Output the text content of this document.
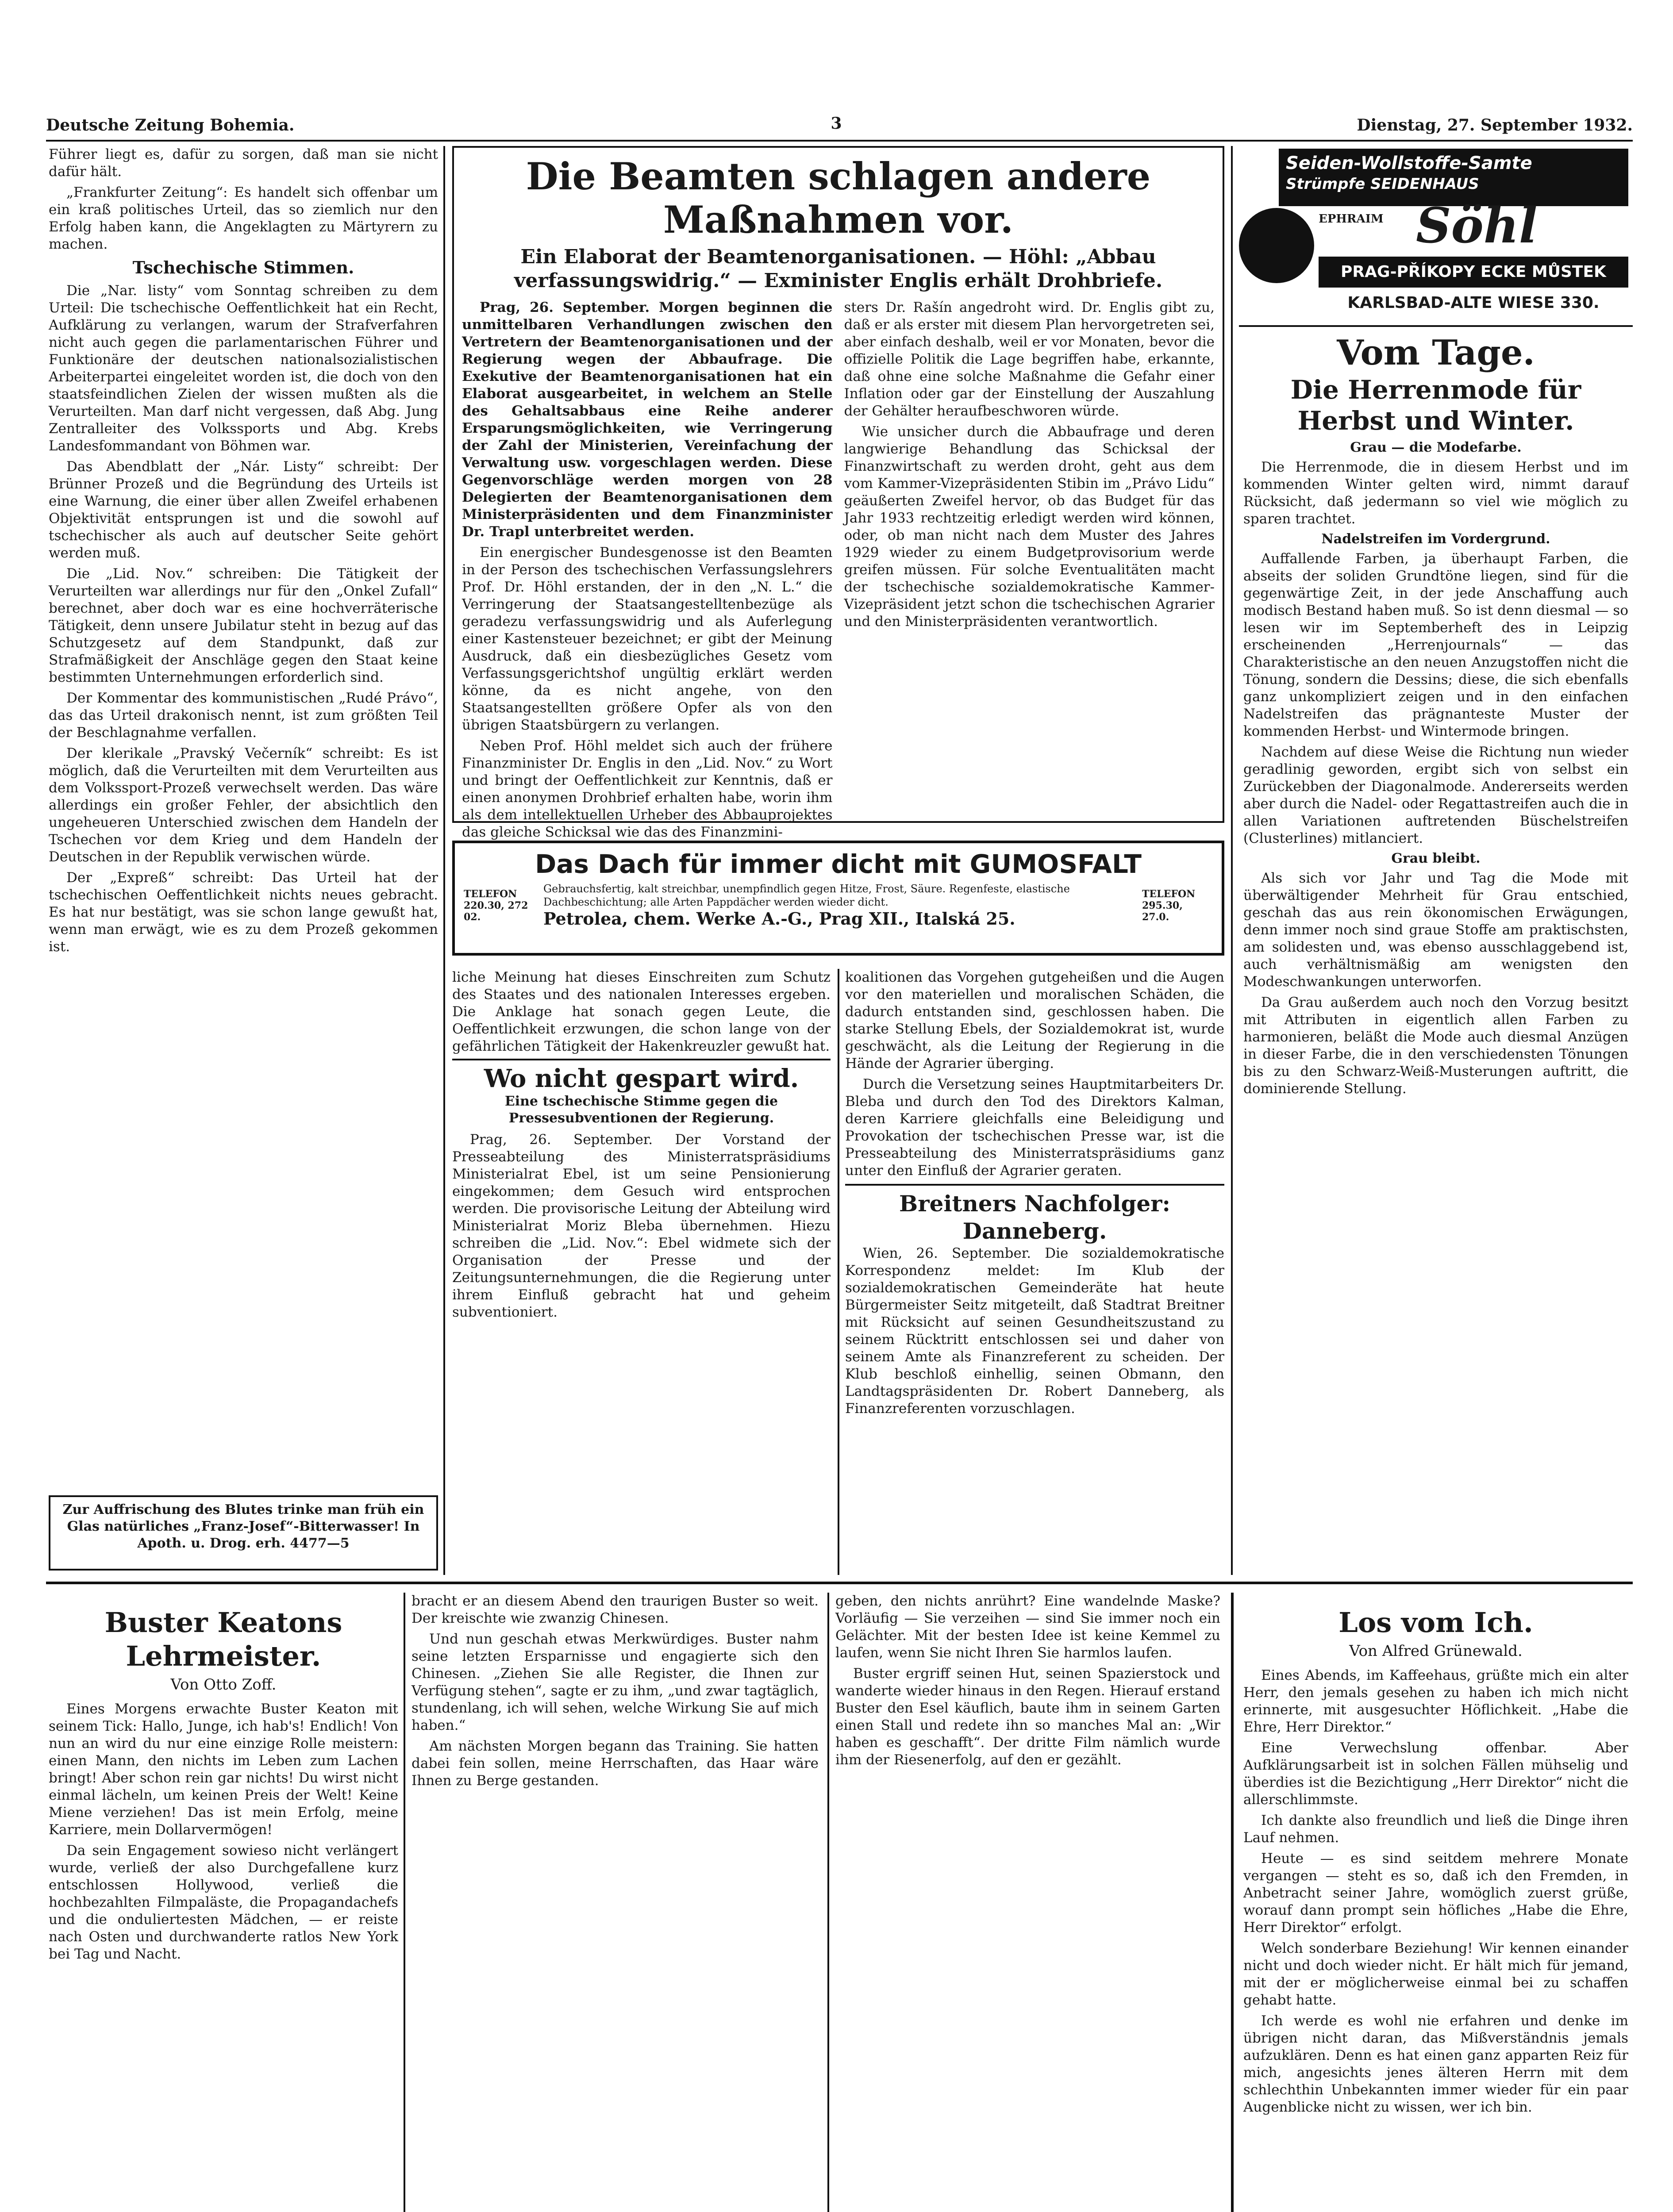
Deutsche Zeitung Bohemia.	3	Dienstag, 27. September 1932.

Führer liegt es, dafür zu sorgen, daß man sie nicht dafür hält.

„Frankfurter Zeitung“: Es handelt sich offenbar um ein kraß politisches Urteil, das so ziemlich nur den Erfolg haben kann, die Angeklagten zu Märtyrern zu machen.

Tschechische Stimmen.

Die „Nar. listy“ vom Sonntag schreiben zu dem Urteil: Die tschechische Oeffentlichkeit hat ein Recht, Aufklärung zu verlangen, warum der Strafverfahren nicht auch gegen die parlamentarischen Führer und Funktionäre der deutschen nationalsozialistischen Arbeiterpartei eingeleitet worden ist, die doch von den staatsfeindlichen Zielen der wissen mußten als die Verurteilten. Man darf nicht vergessen, daß Abg. Jung Zentralleiter des Volkssports und Abg. Krebs Landesfommandant von Böhmen war.

Das Abendblatt der „Nár. Listy“ schreibt: Der Brünner Prozeß und die Begründung des Urteils ist eine Warnung, die einer über allen Zweifel erhabenen Objektivität entsprungen ist und die sowohl auf tschechischer als auch auf deutscher Seite gehört werden muß.

Die „Lid. Nov.“ schreiben: Die Tätigkeit der Verurteilten war allerdings nur für den „Onkel Zufall“ berechnet, aber doch war es eine hochverräterische Tätigkeit, denn unsere Jubilatur steht in bezug auf das Schutzgesetz auf dem Standpunkt, daß zur Strafmäßigkeit der Anschläge gegen den Staat keine bestimmten Unternehmungen erforderlich sind.

Der Kommentar des kommunistischen „Rudé Právo“, das das Urteil drakonisch nennt, ist zum größten Teil der Beschlagnahme verfallen.

Der klerikale „Pravský Večerník“ schreibt: Es ist möglich, daß die Verurteilten mit dem Verurteilten aus dem Volkssport-Prozeß verwechselt werden. Das wäre allerdings ein großer Fehler, der absichtlich den ungeheueren Unterschied zwischen dem Handeln der Tschechen vor dem Krieg und dem Handeln der Deutschen in der Republik verwischen würde.

Der „Expreß“ schreibt: Das Urteil hat der tschechischen Oeffentlichkeit nichts neues gebracht. Es hat nur bestätigt, was sie schon lange gewußt hat, wenn man erwägt, wie es zu dem Prozeß gekommen ist.

Zur Auffrischung des Blutes trinke man früh ein Glas natürliches „Franz-Josef“-Bitterwasser! In Apoth. u. Drog. erh. 4477—5
Die Beamten schlagen andere Maßnahmen vor.
Ein Elaborat der Beamtenorganisationen. — Höhl: „Abbau verfassungswidrig.“ — Exminister Englis erhält Drohbriefe.

Prag, 26. September. Morgen beginnen die unmittelbaren Verhandlungen zwischen den Vertretern der Beamtenorganisationen und der Regierung wegen der Abbaufrage. Die Exekutive der Beamtenorganisationen hat ein Elaborat ausgearbeitet, in welchem an Stelle des Gehaltsabbaus eine Reihe anderer Ersparungsmöglichkeiten, wie Verringerung der Zahl der Ministerien, Vereinfachung der Verwaltung usw. vorgeschlagen werden. Diese Gegenvorschläge werden morgen von 28 Delegierten der Beamtenorganisationen dem Ministerpräsidenten und dem Finanzminister Dr. Trapl unterbreitet werden.

Ein energischer Bundesgenosse ist den Beamten in der Person des tschechischen Verfassungslehrers Prof. Dr. Höhl erstanden, der in den „N. L.“ die Verringerung der Staatsangestelltenbezüge als geradezu verfassungswidrig und als Auferlegung einer Kastensteuer bezeichnet; er gibt der Meinung Ausdruck, daß ein diesbezügliches Gesetz vom Verfassungsgerichtshof ungültig erklärt werden könne, da es nicht angehe, von den Staatsangestellten größere Opfer als von den übrigen Staatsbürgern zu verlangen.

Neben Prof. Höhl meldet sich auch der frühere Finanzminister Dr. Englis in den „Lid. Nov.“ zu Wort und bringt der Oeffentlichkeit zur Kenntnis, daß er einen anonymen Drohbrief erhalten habe, worin ihm als dem intellektuellen Urheber des Abbauprojektes das gleiche Schicksal wie das des Finanzmini-

sters Dr. Rašín angedroht wird. Dr. Englis gibt zu, daß er als erster mit diesem Plan hervorgetreten sei, aber einfach deshalb, weil er vor Monaten, bevor die offizielle Politik die Lage begriffen habe, erkannte, daß ohne eine solche Maßnahme die Gefahr einer Inflation oder gar der Einstellung der Auszahlung der Gehälter heraufbeschworen würde.

Wie unsicher durch die Abbaufrage und deren langwierige Behandlung das Schicksal der Finanzwirtschaft zu werden droht, geht aus dem vom Kammer-Vizepräsidenten Stibin im „Právo Lidu“ geäußerten Zweifel hervor, ob das Budget für das Jahr 1933 rechtzeitig erledigt werden wird können, oder, ob man nicht nach dem Muster des Jahres 1929 wieder zu einem Budgetprovisorium werde greifen müssen. Für solche Eventualitäten macht der tschechische sozialdemokratische Kammer-Vizepräsident jetzt schon die tschechischen Agrarier und den Ministerpräsidenten verantwortlich.

Das Dach für immer dicht mit GUMOSFALT
TELEFON 220.30, 272 02.
Gebrauchsfertig, kalt streichbar, unempfindlich gegen Hitze, Frost, Säure. Regenfeste, elastische Dachbeschichtung; alle Arten Pappdächer werden wieder dicht.
Petrolea, chem. Werke A.-G., Prag XII., Italská 25.
TELEFON 295.30, 27.0.

liche Meinung hat dieses Einschreiten zum Schutz des Staates und des nationalen Interesses ergeben. Die Anklage hat sonach gegen Leute, die Oeffentlichkeit erzwungen, die schon lange von der gefährlichen Tätigkeit der Hakenkreuzler gewußt hat.

Wo nicht gespart wird.
Eine tschechische Stimme gegen die Pressesubventionen der Regierung.

Prag, 26. September. Der Vorstand der Presseabteilung des Ministerratspräsidiums Ministerialrat Ebel, ist um seine Pensionierung eingekommen; dem Gesuch wird entsprochen werden. Die provisorische Leitung der Abteilung wird Ministerialrat Moriz Bleba übernehmen. Hiezu schreiben die „Lid. Nov.“: Ebel widmete sich der Organisation der Presse und der Zeitungsunternehmungen, die die Regierung unter ihrem Einfluß gebracht hat und geheim subventioniert.

koalitionen das Vorgehen gutgeheißen und die Augen vor den materiellen und moralischen Schäden, die dadurch entstanden sind, geschlossen haben. Die starke Stellung Ebels, der Sozialdemokrat ist, wurde geschwächt, als die Leitung der Regierung in die Hände der Agrarier überging.

Durch die Versetzung seines Hauptmitarbeiters Dr. Bleba und durch den Tod des Direktors Kalman, deren Karriere gleichfalls eine Beleidigung und Provokation der tschechischen Presse war, ist die Presseabteilung des Ministerratspräsidiums ganz unter den Einfluß der Agrarier geraten.

Breitners Nachfolger: Danneberg.

Wien, 26. September. Die sozialdemokratische Korrespondenz meldet: Im Klub der sozialdemokratischen Gemeinderäte hat heute Bürgermeister Seitz mitgeteilt, daß Stadtrat Breitner mit Rücksicht auf seinen Gesundheitszustand zu seinem Rücktritt entschlossen sei und daher von seinem Amte als Finanzreferent zu scheiden. Der Klub beschloß einhellig, seinen Obmann, den Landtagspräsidenten Dr. Robert Danneberg, als Finanzreferenten vorzuschlagen.

Seiden-Wollstoffe-Samte
Strümpfe SEIDENHAUS
EPHRAIM Söhl
PRAG-PŘÍKOPY ECKE MŮSTEK
KARLSBAD-ALTE WIESE 330.
Vom Tage.
Die Herrenmode für Herbst und Winter.
Grau — die Modefarbe.

Die Herrenmode, die in diesem Herbst und im kommenden Winter gelten wird, nimmt darauf Rücksicht, daß jedermann so viel wie möglich zu sparen trachtet.

Nadelstreifen im Vordergrund.

Auffallende Farben, ja überhaupt Farben, die abseits der soliden Grundtöne liegen, sind für die gegenwärtige Zeit, in der jede Anschaffung auch modisch Bestand haben muß. So ist denn diesmal — so lesen wir im Septemberheft des in Leipzig erscheinenden „Herrenjournals“ — das Charakteristische an den neuen Anzugstoffen nicht die Tönung, sondern die Dessins; diese, die sich ebenfalls ganz unkompliziert zeigen und in den einfachen Nadelstreifen das prägnanteste Muster der kommenden Herbst- und Wintermode bringen.

Nachdem auf diese Weise die Richtung nun wieder geradlinig geworden, ergibt sich von selbst ein Zurückebben der Diagonalmode. Andererseits werden aber durch die Nadel- oder Regattastreifen auch die in allen Variationen auftretenden Büschelstreifen (Clusterlines) mitlanciert.

Grau bleibt.

Als sich vor Jahr und Tag die Mode mit überwältigender Mehrheit für Grau entschied, geschah das aus rein ökonomischen Erwägungen, denn immer noch sind graue Stoffe am praktischsten, am solidesten und, was ebenso ausschlaggebend ist, auch verhältnismäßig am wenigsten den Modeschwankungen unterworfen.

Da Grau außerdem auch noch den Vorzug besitzt mit Attributen in eigentlich allen Farben zu harmonieren, beläßt die Mode auch diesmal Anzügen in dieser Farbe, die in den verschiedensten Tönungen bis zu den Schwarz-Weiß-Musterungen auftritt, die dominierende Stellung.

Buster Keatons Lehrmeister.
Von Otto Zoff.

Eines Morgens erwachte Buster Keaton mit seinem Tick: Hallo, Junge, ich hab's! Endlich! Von nun an wird du nur eine einzige Rolle meistern: einen Mann, den nichts im Leben zum Lachen bringt! Aber schon rein gar nichts! Du wirst nicht einmal lächeln, um keinen Preis der Welt! Keine Miene verziehen! Das ist mein Erfolg, meine Karriere, mein Dollarvermögen!

Da sein Engagement sowieso nicht verlängert wurde, verließ der also Durchgefallene kurz entschlossen Hollywood, verließ die hochbezahlten Filmpaläste, die Propagandachefs und die onduliertesten Mädchen, — er reiste nach Osten und durchwanderte ratlos New York bei Tag und Nacht.

bracht er an diesem Abend den traurigen Buster so weit. Der kreischte wie zwanzig Chinesen.

Und nun geschah etwas Merkwürdiges. Buster nahm seine letzten Ersparnisse und engagierte sich den Chinesen. „Ziehen Sie alle Register, die Ihnen zur Verfügung stehen“, sagte er zu ihm, „und zwar tagtäglich, stundenlang, ich will sehen, welche Wirkung Sie auf mich haben.“

Am nächsten Morgen begann das Training. Sie hatten dabei fein sollen, meine Herrschaften, das Haar wäre Ihnen zu Berge gestanden.

geben, den nichts anrührt? Eine wandelnde Maske? Vorläufig — Sie verzeihen — sind Sie immer noch ein Gelächter. Mit der besten Idee ist keine Kemmel zu laufen, wenn Sie nicht Ihren Sie harmlos laufen.

Buster ergriff seinen Hut, seinen Spazierstock und wanderte wieder hinaus in den Regen. Hierauf erstand Buster den Esel käuflich, baute ihm in seinem Garten einen Stall und redete ihn so manches Mal an: „Wir haben es geschafft“. Der dritte Film nämlich wurde ihm der Riesenerfolg, auf den er gezählt.

Los vom Ich.
Von Alfred Grünewald.

Eines Abends, im Kaffeehaus, grüßte mich ein alter Herr, den jemals gesehen zu haben ich mich nicht erinnerte, mit ausgesuchter Höflichkeit. „Habe die Ehre, Herr Direktor.“

Eine Verwechslung offenbar. Aber Aufklärungsarbeit ist in solchen Fällen mühselig und überdies ist die Bezichtigung „Herr Direktor“ nicht die allerschlimmste.

Ich dankte also freundlich und ließ die Dinge ihren Lauf nehmen.

Heute — es sind seitdem mehrere Monate vergangen — steht es so, daß ich den Fremden, in Anbetracht seiner Jahre, womöglich zuerst grüße, worauf dann prompt sein höfliches „Habe die Ehre, Herr Direktor“ erfolgt.

Welch sonderbare Beziehung! Wir kennen einander nicht und doch wieder nicht. Er hält mich für jemand, mit der er möglicherweise einmal bei zu schaffen gehabt hatte.

Ich werde es wohl nie erfahren und denke im übrigen nicht daran, das Mißverständnis jemals aufzuklären. Denn es hat einen ganz apparten Reiz für mich, angesichts jenes älteren Herrn mit dem schlechthin Unbekannten immer wieder für ein paar Augenblicke nicht zu wissen, wer ich bin.
